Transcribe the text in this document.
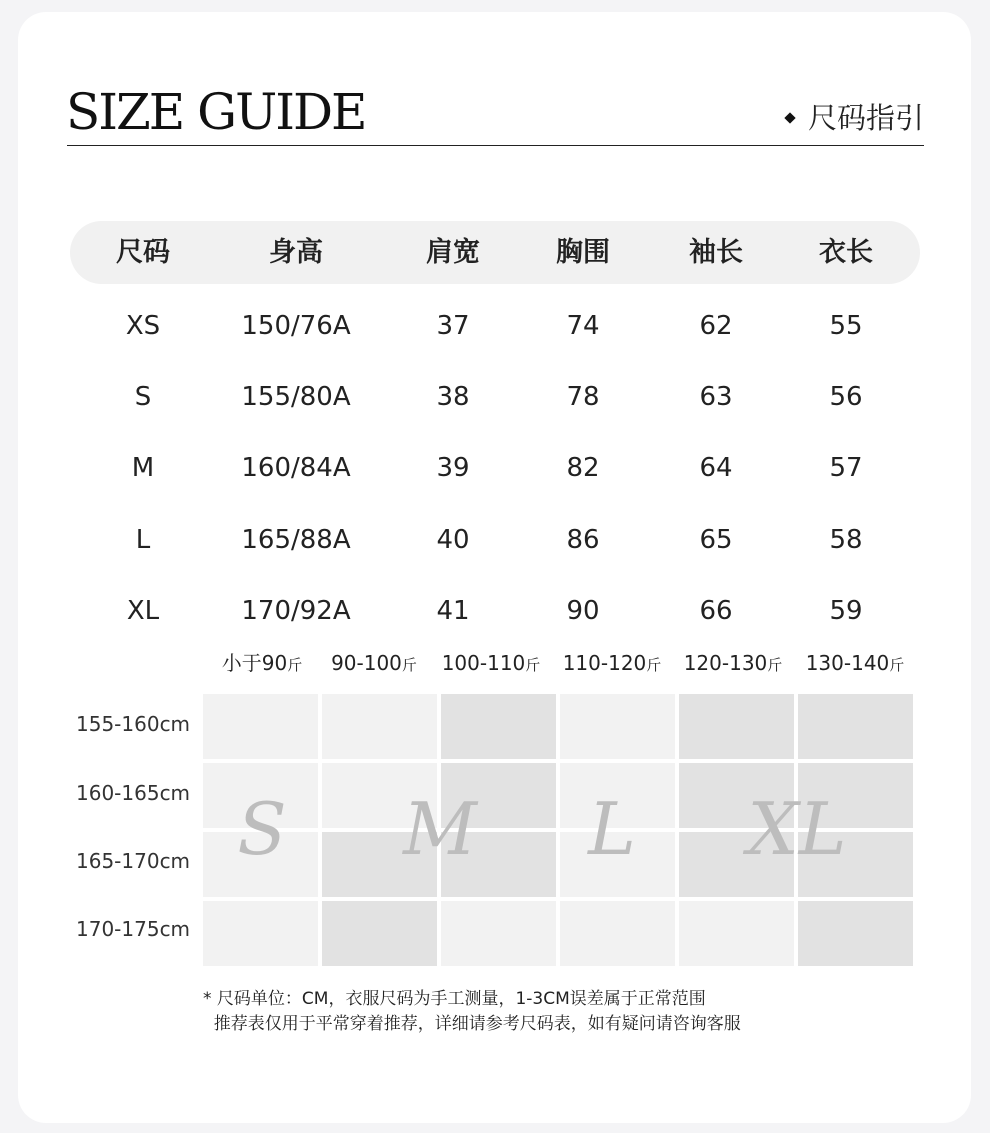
SIZE GUIDE	尺码指引
尺码	身高	肩宽	胸围	袖长	衣长
XS	150/76A	37	74	62	55
S	155/80A	38	78	63	56
M	160/84A	39	82	64	57
L	165/88A	40	86	65	58
XL	170/92A	41	90	66	59
小于90斤 90-100斤 100-110斤 110-120斤 120-130斤 130-140斤
155-160cm
160-165cm
165-170cm
170-175cm
S M L XL
* 尺码单位：CM，衣服尺码为手工测量，1-3CM误差属于正常范围
推荐表仅用于平常穿着推荐，详细请参考尺码表，如有疑问请咨询客服
